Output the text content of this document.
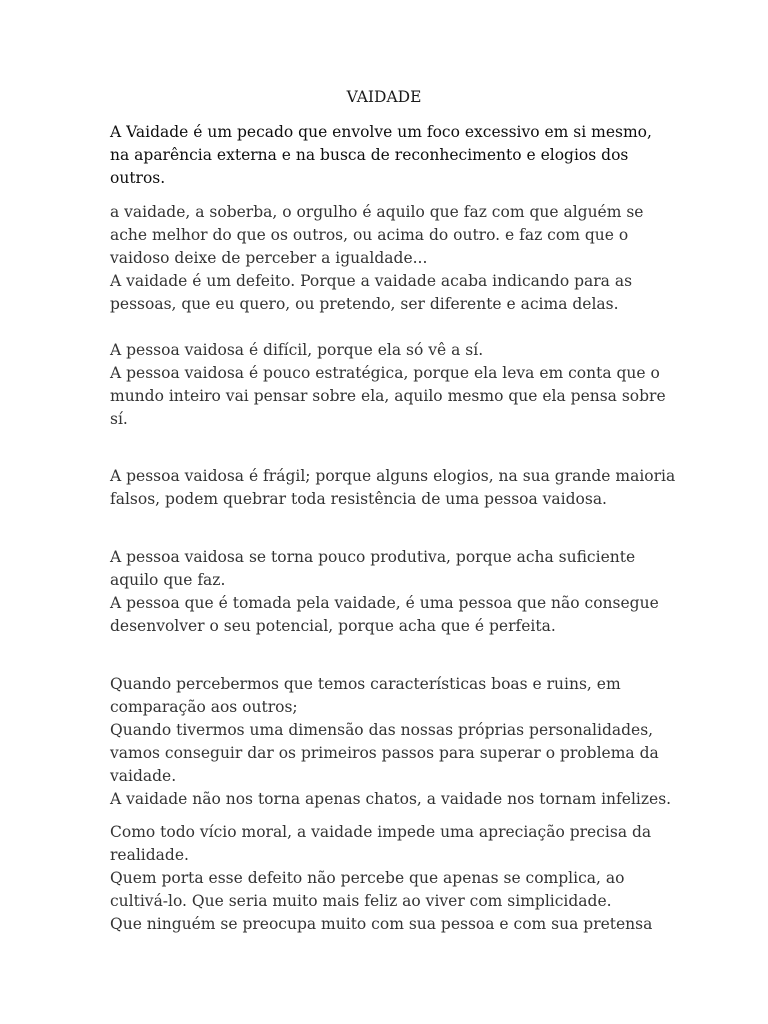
VAIDADE

A Vaidade é um pecado que envolve um foco excessivo em si mesmo,
na aparência externa e na busca de reconhecimento e elogios dos
outros.

a vaidade, a soberba, o orgulho é aquilo que faz com que alguém se
ache melhor do que os outros, ou acima do outro. e faz com que o
vaidoso deixe de perceber a igualdade...
A vaidade é um defeito. Porque a vaidade acaba indicando para as
pessoas, que eu quero, ou pretendo, ser diferente e acima delas.

A pessoa vaidosa é difícil, porque ela só vê a sí.
A pessoa vaidosa é pouco estratégica, porque ela leva em conta que o
mundo inteiro vai pensar sobre ela, aquilo mesmo que ela pensa sobre
sí.

A pessoa vaidosa é frágil; porque alguns elogios, na sua grande maioria
falsos, podem quebrar toda resistência de uma pessoa vaidosa.

A pessoa vaidosa se torna pouco produtiva, porque acha suficiente
aquilo que faz.
A pessoa que é tomada pela vaidade, é uma pessoa que não consegue
desenvolver o seu potencial, porque acha que é perfeita.

Quando percebermos que temos características boas e ruins, em
comparação aos outros;
Quando tivermos uma dimensão das nossas próprias personalidades,
vamos conseguir dar os primeiros passos para superar o problema da
vaidade.
A vaidade não nos torna apenas chatos, a vaidade nos tornam infelizes.

Como todo vício moral, a vaidade impede uma apreciação precisa da
realidade.
Quem porta esse defeito não percebe que apenas se complica, ao
cultivá-lo. Que seria muito mais feliz ao viver com simplicidade.
Que ninguém se preocupa muito com sua pessoa e com sua pretensa
